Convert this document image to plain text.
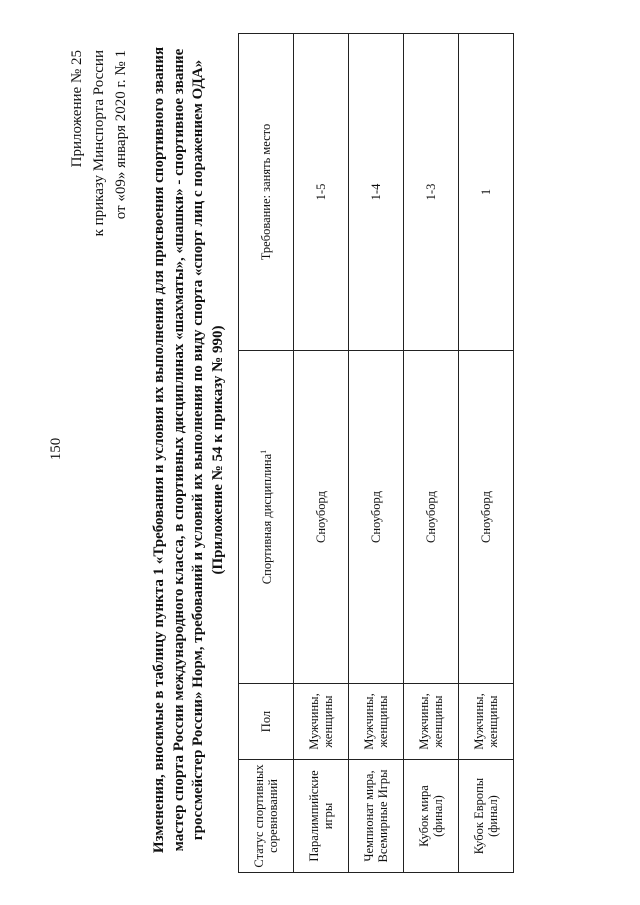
150
Приложение № 25 к приказу Минспорта России от «09» января 2020 г. № 1 Изменения, вносимые в таблицу пункта 1 «Требования и условия их выполнения для присвоения спортивного звания мастер спорта России международного класса, в спортивных дисциплинах «шахматы», «шашки» - спортивное звание гроссмейстер России» Норм, требований и условий их выполнения по виду спорта «спорт лиц с поражением ОДА» (Приложение № 54 к приказу № 990)
Статус спортивных соревнований	Пол	Спортивная дисциплина$^1$	Требование: занять место
Паралимпийские игры	Мужчины, женщины	Сноуборд	1-5
Чемпионат мира, Всемирные Игры	Мужчины, женщины	Сноуборд	1-4
Кубок мира (финал)	Мужчины, женщины	Сноуборд	1-3
Кубок Европы (финал)	Мужчины, женщины	Сноуборд	1
